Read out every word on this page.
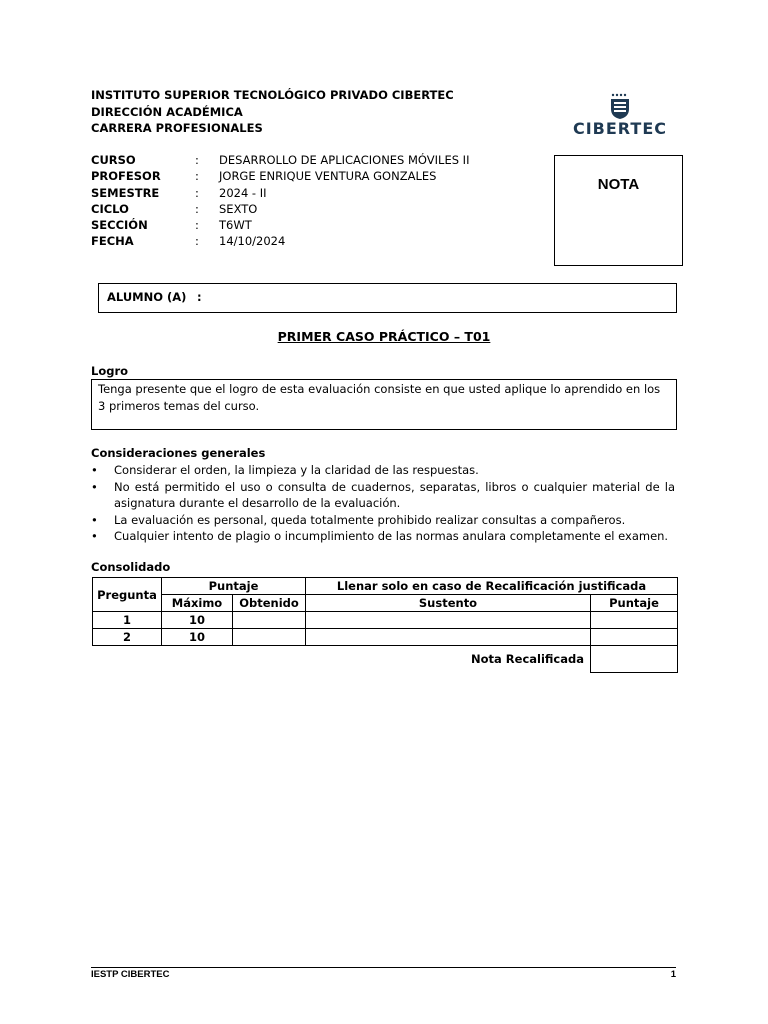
INSTITUTO SUPERIOR TECNOLÓGICO PRIVADO CIBERTEC
DIRECCIÓN ACADÉMICA
CARRERA PROFESIONALES	CIBERTEC
CURSO	:	DESARROLLO DE APLICACIONES MÓVILES II
PROFESOR	:	JORGE ENRIQUE VENTURA GONZALES
SEMESTRE	:	2024 - II
CICLO	:	SEXTO
SECCIÓN	:	T6WT
FECHA	:	14/10/2024
NOTA
ALUMNO (A) :
PRIMER CASO PRÁCTICO – T01
Logro
Tenga presente que el logro de esta evaluación consiste en que usted aplique lo aprendido en los 3 primeros temas del curso.
Consideraciones generales
•	Considerar el orden, la limpieza y la claridad de las respuestas.
•	No está permitido el uso o consulta de cuadernos, separatas, libros o cualquier material de la asignatura durante el desarrollo de la evaluación.
•	La evaluación es personal, queda totalmente prohibido realizar consultas a compañeros.
•	Cualquier intento de plagio o incumplimiento de las normas anulara completamente el examen.
Consolidado
Pregunta	Puntaje		Llenar solo en caso de Recalificación justificada	
	Máximo	Obtenido	Sustento	Puntaje
1	10			
2	10			
Nota Recalificada				
IESTP CIBERTEC	1
